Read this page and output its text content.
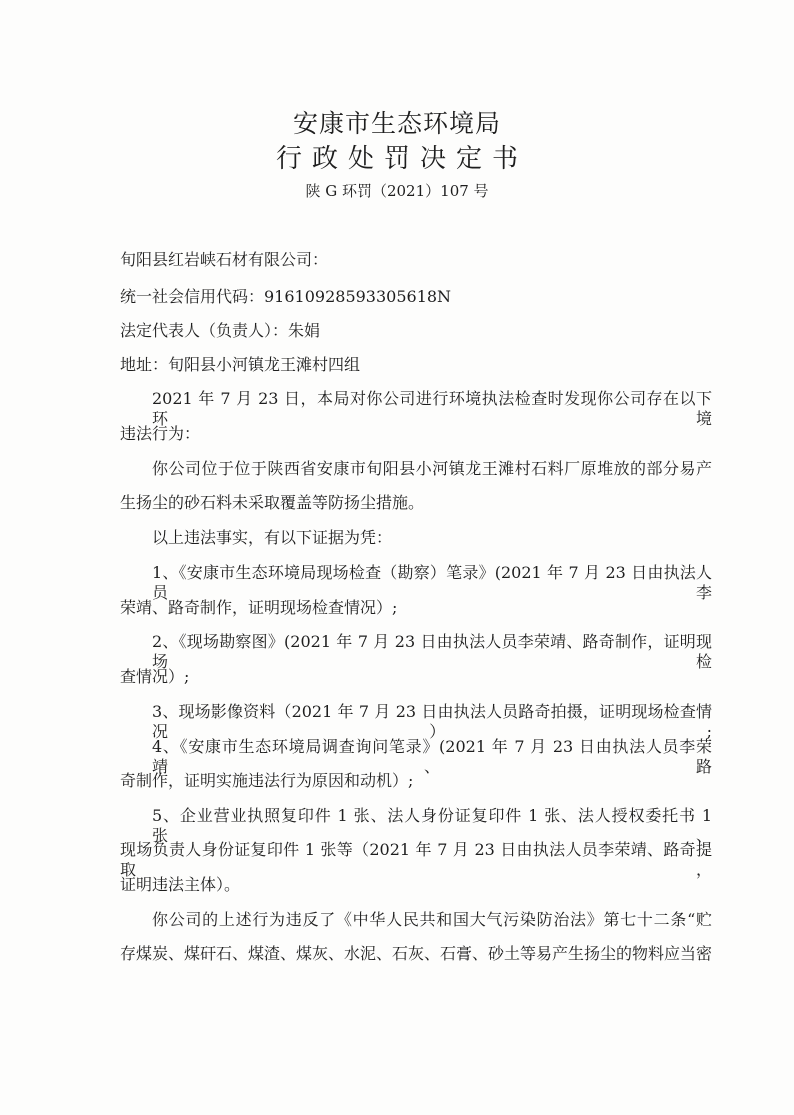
安康市生态环境局
行政处罚决定书
陕 G 环罚（2021）107 号
旬阳县红岩峡石材有限公司：
统一社会信用代码：91610928593305618N
法定代表人（负责人）：朱娟
地址：旬阳县小河镇龙王滩村四组
2021 年 7 月 23 日，本局对你公司进行环境执法检查时发现你公司存在以下环境
违法行为：
你公司位于位于陕西省安康市旬阳县小河镇龙王滩村石料厂原堆放的部分易产
生扬尘的砂石料未采取覆盖等防扬尘措施。
以上违法事实，有以下证据为凭：
1、《安康市生态环境局现场检查（勘察）笔录》(2021 年 7 月 23 日由执法人员李
荣靖、路奇制作，证明现场检查情况）;
2、《现场勘察图》(2021 年 7 月 23 日由执法人员李荣靖、路奇制作，证明现场检
查情况）;
3、现场影像资料（2021 年 7 月 23 日由执法人员路奇拍摄，证明现场检查情况）;
4、《安康市生态环境局调查询问笔录》(2021 年 7 月 23 日由执法人员李荣靖、路
奇制作，证明实施违法行为原因和动机）;
5、企业营业执照复印件 1 张、法人身份证复印件 1 张、法人授权委托书 1 张、
现场负责人身份证复印件 1 张等（2021 年 7 月 23 日由执法人员李荣靖、路奇提取，
证明违法主体）。
你公司的上述行为违反了《中华人民共和国大气污染防治法》第七十二条“贮
存煤炭、煤矸石、煤渣、煤灰、水泥、石灰、石膏、砂土等易产生扬尘的物料应当密
